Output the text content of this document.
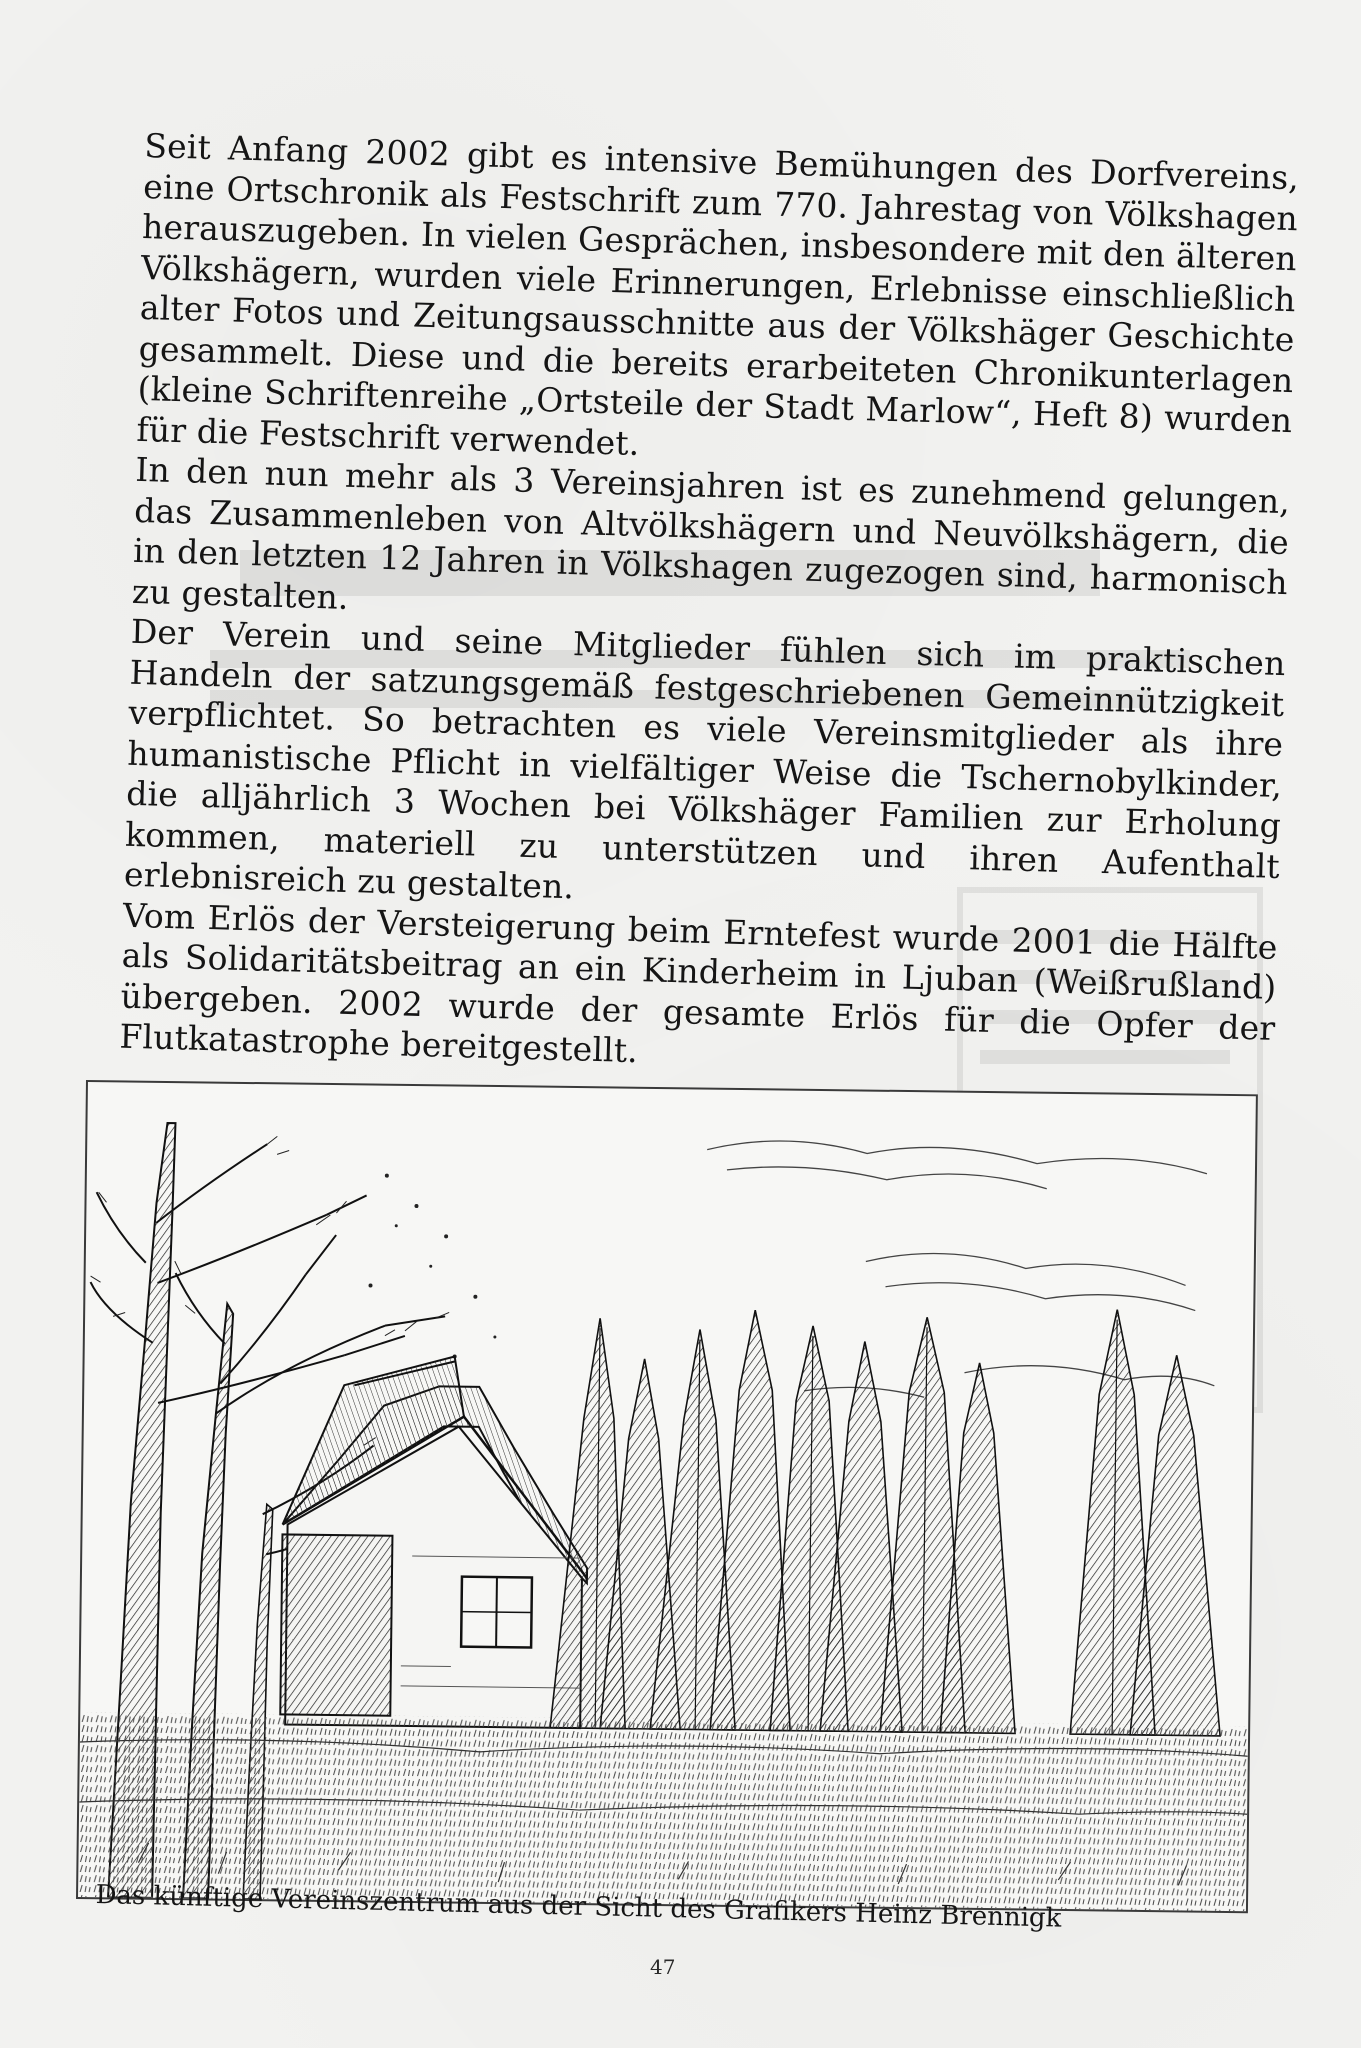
Seit Anfang 2002 gibt es intensive Bemühungen des Dorfvereins, eine Ortschronik als Festschrift zum 770. Jahrestag von Völkshagen herauszugeben. In vielen Gesprächen, insbesondere mit den älteren Völkshägern, wurden viele Erinnerungen, Erlebnisse einschließlich alter Fotos und Zeitungsausschnitte aus der Völkshäger Geschichte gesammelt. Diese und die bereits erarbeiteten Chronikunterlagen (kleine Schriftenreihe „Ortsteile der Stadt Marlow“, Heft 8) wurden für die Festschrift verwendet.

In den nun mehr als 3 Vereinsjahren ist es zunehmend gelungen, das Zusammenleben von Altvölkshägern und Neuvölkshägern, die in den letzten 12 Jahren in Völkshagen zugezogen sind, harmonisch zu gestalten.

Der Verein und seine Mitglieder fühlen sich im praktischen Handeln der satzungsgemäß festgeschriebenen Gemeinnützigkeit verpflichtet. So betrachten es viele Vereinsmitglieder als ihre humanistische Pflicht in vielfältiger Weise die Tschernobylkinder, die alljährlich 3 Wochen bei Völkshäger Familien zur Erholung kommen, materiell zu unterstützen und ihren Aufenthalt erlebnisreich zu gestalten.

Vom Erlös der Versteigerung beim Erntefest wurde 2001 die Hälfte als Solidaritätsbeitrag an ein Kinderheim in Ljuban (Weißrußland) übergeben. 2002 wurde der gesamte Erlös für die Opfer der Flutkatastrophe bereitgestellt.

Das künftige Vereinszentrum aus der Sicht des Grafikers Heinz Brennigk
47
